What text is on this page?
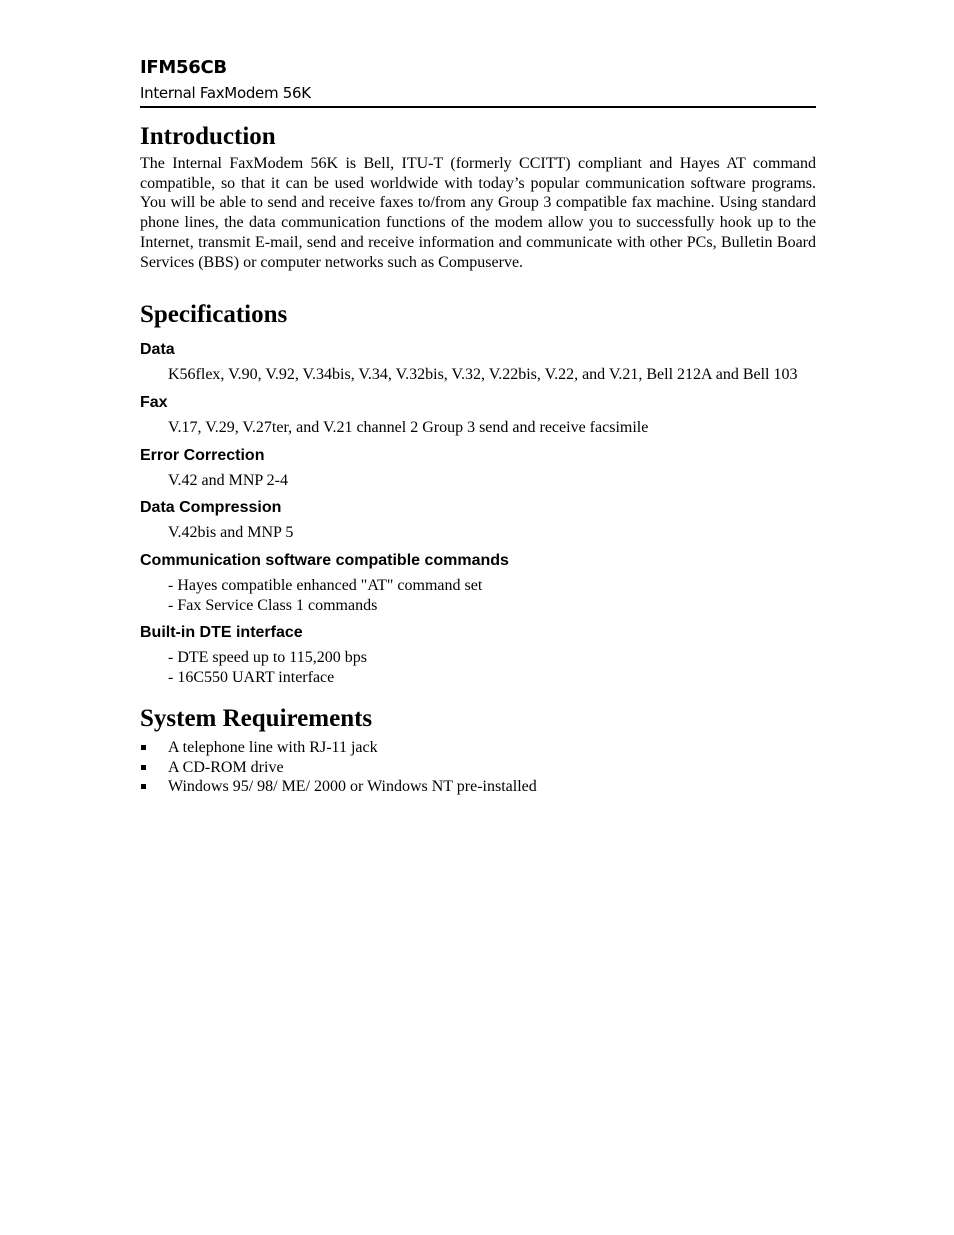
IFM56CB
Internal FaxModem 56K
Introduction

The Internal FaxModem 56K is Bell, ITU-T (formerly CCITT) compliant and Hayes AT command compatible, so that it can be used worldwide with today’s popular communication software programs. You will be able to send and receive faxes to/from any Group 3 compatible fax machine. Using standard phone lines, the data communication functions of the modem allow you to successfully hook up to the Internet, transmit E-mail, send and receive information and communicate with other PCs, Bulletin Board Services (BBS) or computer networks such as Compuserve.

Specifications
Data
K56flex, V.90, V.92, V.34bis, V.34, V.32bis, V.32, V.22bis, V.22, and V.21, Bell 212A and Bell 103
Fax
V.17, V.29, V.27ter, and V.21 channel 2 Group 3 send and receive facsimile
Error Correction
V.42 and MNP 2-4
Data Compression
V.42bis and MNP 5
Communication software compatible commands
- Hayes compatible enhanced "AT" command set
- Fax Service Class 1 commands
Built-in DTE interface
- DTE speed up to 115,200 bps
- 16C550 UART interface
System Requirements
A telephone line with RJ-11 jack
A CD-ROM drive
Windows 95/ 98/ ME/ 2000 or Windows NT pre-installed
